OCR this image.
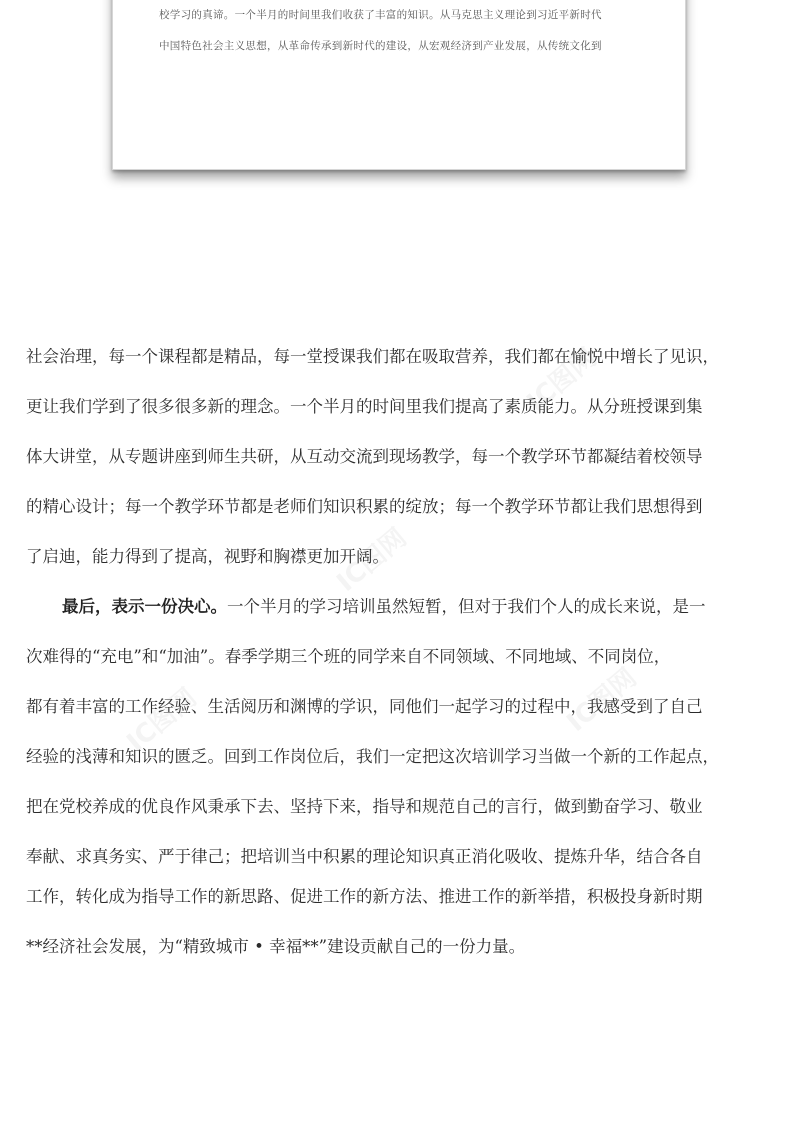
校学习的真谛。一个半月的时间里我们收获了丰富的知识。从马克思主义理论到习近平新时代
中国特色社会主义思想，从革命传承到新时代的建设，从宏观经济到产业发展，从传统文化到
IC图网
IC图网
IC图网	IC图网
社会治理，每一个课程都是精品，每一堂授课我们都在吸取营养，我们都在愉悦中增长了见识，
更让我们学到了很多很多新的理念。一个半月的时间里我们提高了素质能力。从分班授课到集
体大讲堂，从专题讲座到师生共研，从互动交流到现场教学，每一个教学环节都凝结着校领导
的精心设计；每一个教学环节都是老师们知识积累的绽放；每一个教学环节都让我们思想得到
了启迪，能力得到了提高，视野和胸襟更加开阔。
最后，表示一份决心。一个半月的学习培训虽然短暂，但对于我们个人的成长来说，是一
次难得的“充电”和“加油”。春季学期三个班的同学来自不同领域、不同地域、不同岗位，
都有着丰富的工作经验、生活阅历和渊博的学识，同他们一起学习的过程中，我感受到了自己
经验的浅薄和知识的匮乏。回到工作岗位后，我们一定把这次培训学习当做一个新的工作起点，
把在党校养成的优良作风秉承下去、坚持下来，指导和规范自己的言行，做到勤奋学习、敬业
奉献、求真务实、严于律己；把培训当中积累的理论知识真正消化吸收、提炼升华，结合各自
工作，转化成为指导工作的新思路、促进工作的新方法、推进工作的新举措，积极投身新时期
**经济社会发展，为“精致城市 • 幸福**”建设贡献自己的一份力量。
